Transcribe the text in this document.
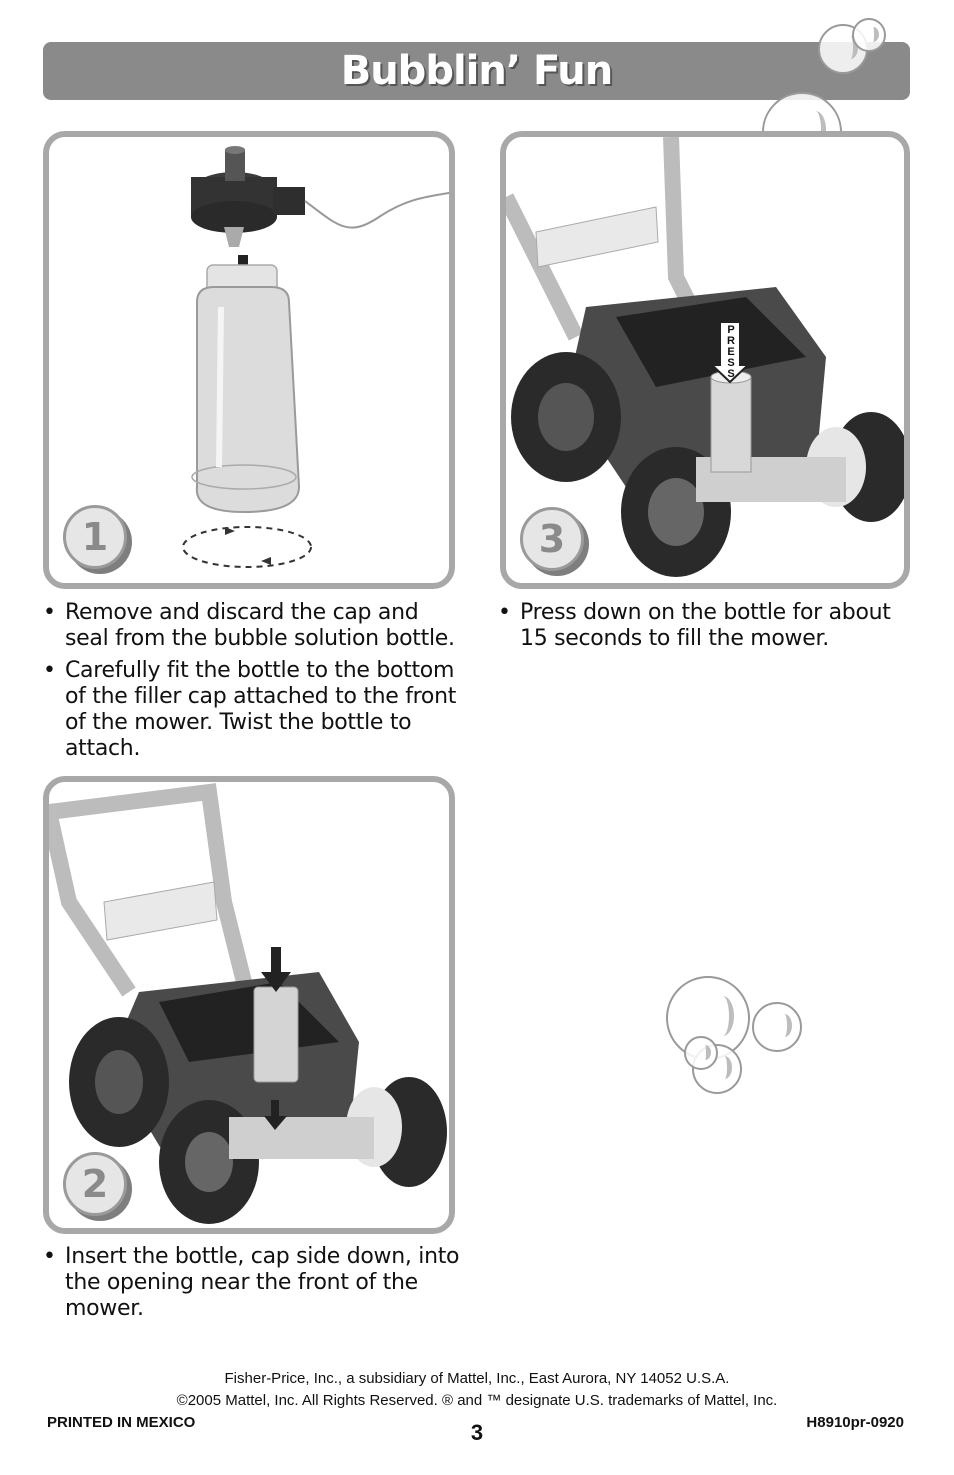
Bubblin’ Fun
1
PRESS
3
• Remove and discard the cap and seal from the bubble solution bottle.
• Carefully fit the bottle to the bottom of the filler cap attached to the front of the mower. Twist the bottle to attach.
• Press down on the bottle for about 15 seconds to fill the mower.
2
• Insert the bottle, cap side down, into the opening near the front of the mower.
Fisher-Price, Inc., a subsidiary of Mattel, Inc., East Aurora, NY 14052 U.S.A.
©2005 Mattel, Inc. All Rights Reserved. ® and ™ designate U.S. trademarks of Mattel, Inc.
PRINTED IN MEXICO	3	H8910pr-0920
